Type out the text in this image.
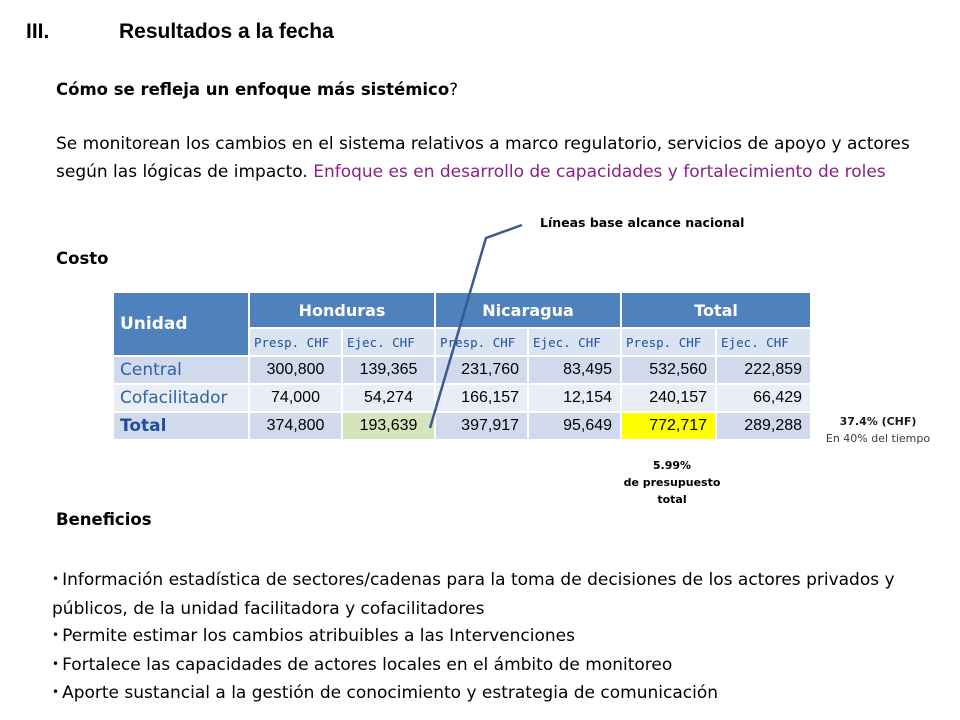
III.	Resultados a la fecha
Cómo se refleja un enfoque más sistémico?
Se monitorean los cambios en el sistema relativos a marco regulatorio, servicios de apoyo y actores según las lógicas de impacto. Enfoque es en desarrollo de capacidades y fortalecimiento de roles
Líneas base alcance nacional
Costo
Unidad	Honduras		Nicaragua		Total	
	Presp. CHF	Ejec. CHF	Presp. CHF	Ejec. CHF	Presp. CHF	Ejec. CHF
Central	300,800	139,365	231,760	83,495	532,560	222,859
Cofacilitador	74,000	54,274	166,157	12,154	240,157	66,429
Total	374,800	193,639	397,917	95,649	772,717	289,288	37.4% (CHF)
En 40% del tiempo
5.99%
de presupuesto
total
Beneficios
• Información estadística de sectores/cadenas para la toma de decisiones de los actores privados y públicos, de la unidad facilitadora y cofacilitadores
• Permite estimar los cambios atribuibles a las Intervenciones
• Fortalece las capacidades de actores locales en el ámbito de monitoreo
• Aporte sustancial a la gestión de conocimiento y estrategia de comunicación
